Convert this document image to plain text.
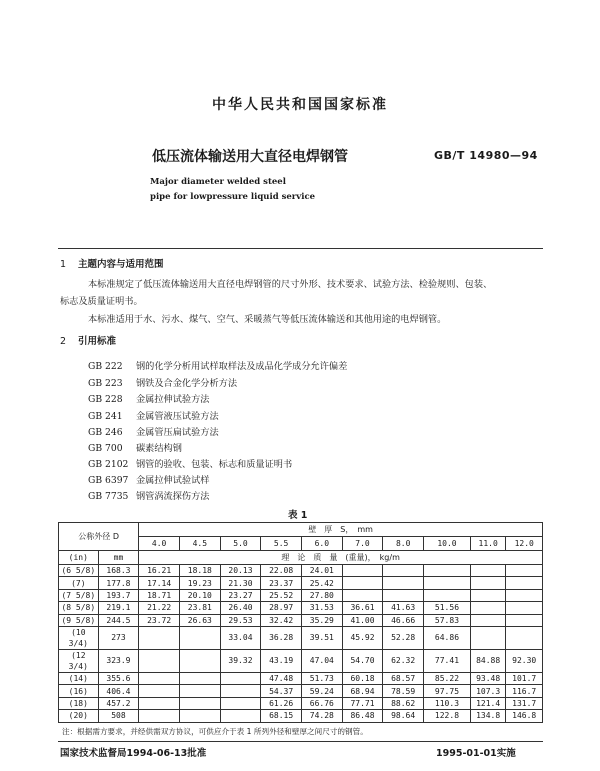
中华人民共和国国家标准
低压流体输送用大直径电焊钢管	GB/T 14980—94
Major diameter welded steel
pipe for lowpressure liquid service
1 主题内容与适用范围
本标准规定了低压流体输送用大直径电焊钢管的尺寸外形、技术要求、试验方法、检验规则、包装、
标志及质量证明书。
本标准适用于水、污水、煤气、空气、采暖蒸气等低压流体输送和其他用途的电焊钢管。
2 引用标准
GB 222 钢的化学分析用试样取样法及成品化学成分允许偏差
GB 223 钢铁及合金化学分析方法
GB 228 金属拉伸试验方法
GB 241 金属管液压试验方法
GB 246 金属管压扁试验方法
GB 700 碳素结构钢
GB 2102 钢管的验收、包装、标志和质量证明书
GB 6397 金属拉伸试验试样
GB 7735 钢管涡流探伤方法
表 1
公称外径 D		壁　厚　S，　mm									
		4.0	4.5	5.0	5.5	6.0	7.0	8.0	10.0	11.0	12.0
(in)	mm	理　论　质　量　(重量)，　kg/m									
(6 5/8)	168.3	16.21	18.18	20.13	22.08	24.01					
(7)	177.8	17.14	19.23	21.30	23.37	25.42					
(7 5/8)	193.7	18.71	20.10	23.27	25.52	27.80					
(8 5/8)	219.1	21.22	23.81	26.40	28.97	31.53	36.61	41.63	51.56		
(9 5/8)	244.5	23.72	26.63	29.53	32.42	35.29	41.00	46.66	57.83		
(10 3/4)	273			33.04	36.28	39.51	45.92	52.28	64.86		
(12 3/4)	323.9			39.32	43.19	47.04	54.70	62.32	77.41	84.88	92.30
(14)	355.6				47.48	51.73	60.18	68.57	85.22	93.48	101.7
(16)	406.4				54.37	59.24	68.94	78.59	97.75	107.3	116.7
(18)	457.2				61.26	66.76	77.71	88.62	110.3	121.4	131.7
(20)	508				68.15	74.28	86.48	98.64	122.8	134.8	146.8
注：根据需方要求，并经供需双方协议，可供应介于表 1 所列外径和壁厚之间尺寸的钢管。
国家技术监督局1994-06-13批准	1995-01-01实施
